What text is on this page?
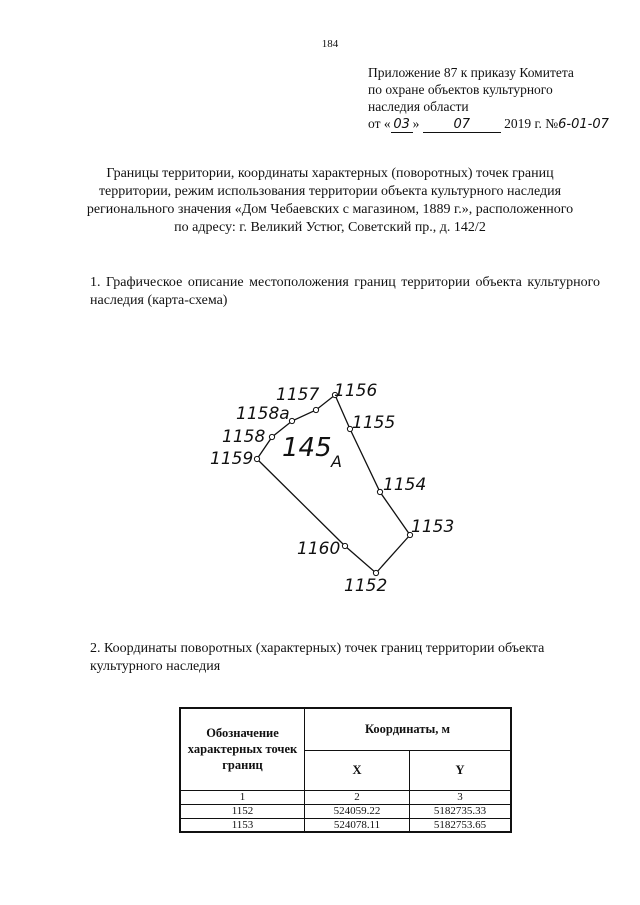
184
Приложение 87 к приказу Комитета
по охране объектов культурного
наследия области
от « 03 »	07	2019 г. №6-01-07
Границы территории, координаты характерных (поворотных) точек границ территории, режим использования территории объекта культурного наследия регионального значения «Дом Чебаевских с магазином, 1889 г.», расположенного по адресу: г. Великий Устюг, Советский пр., д. 142/2
1. Графическое описание местоположения границ территории объекта культурного наследия (карта-схема)
1156
1157
1158а
1158
1159
1155
1154
1153
1160
1152
145 А
2. Координаты поворотных (характерных) точек границ территории объекта культурного наследия
Обозначение характерных точек границ	Координаты, м	
	X	Y
1	2	3
1152	524059.22	5182735.33
1153	524078.11	5182753.65
